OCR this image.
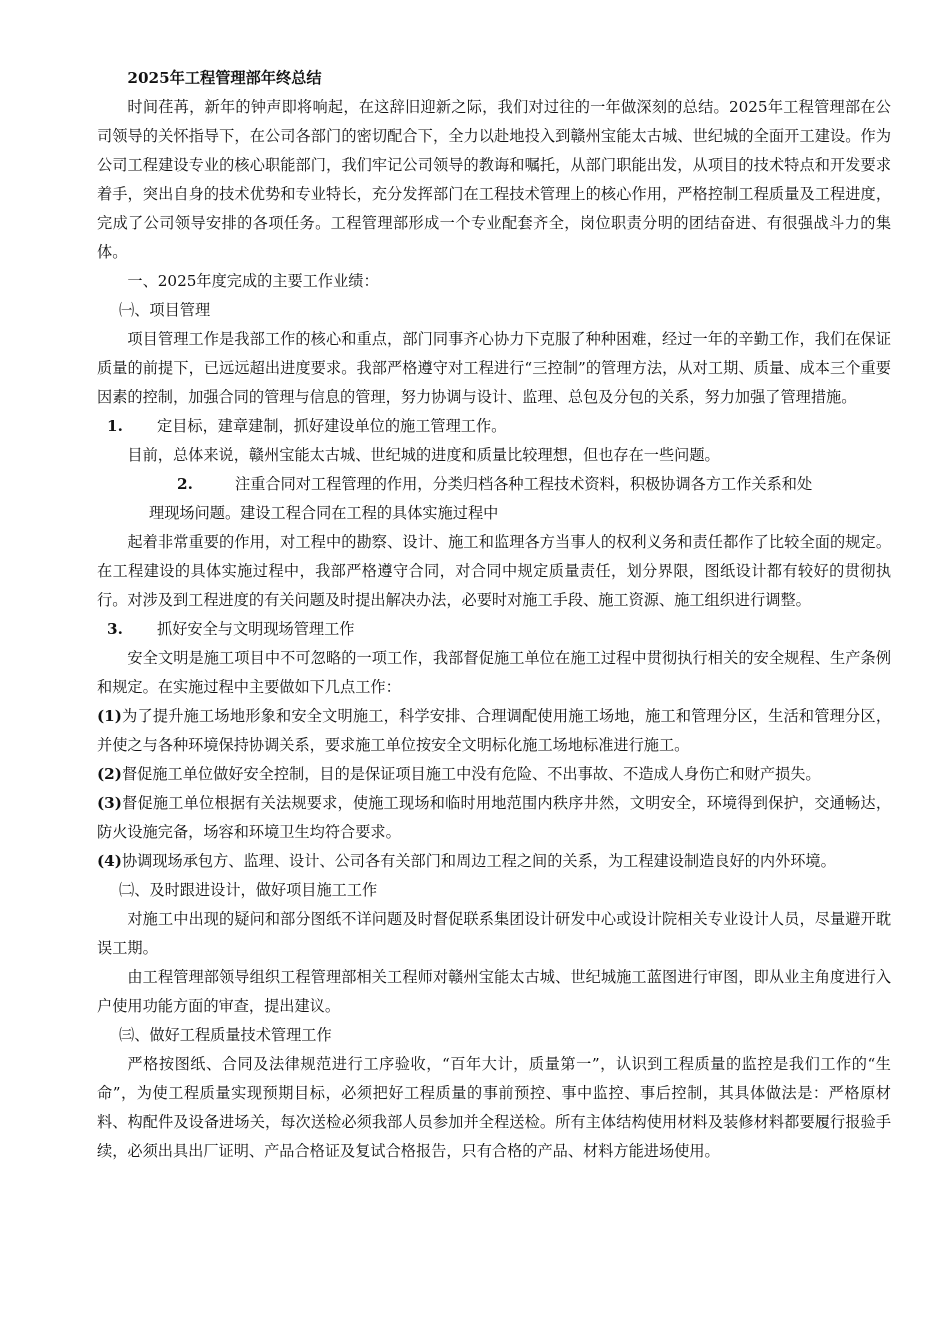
2025年工程管理部年终总结

时间荏苒，新年的钟声即将响起，在这辞旧迎新之际，我们对过往的一年做深刻的总结。2025年工程管理部在公司领导的关怀指导下，在公司各部门的密切配合下，全力以赴地投入到赣州宝能太古城、世纪城的全面开工建设。作为公司工程建设专业的核心职能部门，我们牢记公司领导的教诲和嘱托，从部门职能出发，从项目的技术特点和开发要求着手，突出自身的技术优势和专业特长，充分发挥部门在工程技术管理上的核心作用，严格控制工程质量及工程进度，完成了公司领导安排的各项任务。工程管理部形成一个专业配套齐全，岗位职责分明的团结奋进、有很强战斗力的集体。

一、2025年度完成的主要工作业绩：

㈠、项目管理

项目管理工作是我部工作的核心和重点，部门同事齐心协力下克服了种种困难，经过一年的辛勤工作，我们在保证质量的前提下，已远远超出进度要求。我部严格遵守对工程进行“三控制”的管理方法，从对工期、质量、成本三个重要因素的控制，加强合同的管理与信息的管理，努力协调与设计、监理、总包及分包的关系，努力加强了管理措施。

1. 定目标，建章建制，抓好建设单位的施工管理工作。

目前，总体来说，赣州宝能太古城、世纪城的进度和质量比较理想，但也存在一些问题。

2.	注重合同对工程管理的作用，分类归档各种工程技术资料，积极协调各方工作关系和处

理现场问题。建设工程合同在工程的具体实施过程中

起着非常重要的作用，对工程中的勘察、设计、施工和监理各方当事人的权利义务和责任都作了比较全面的规定。在工程建设的具体实施过程中，我部严格遵守合同，对合同中规定质量责任，划分界限，图纸设计都有较好的贯彻执行。对涉及到工程进度的有关问题及时提出解决办法，必要时对施工手段、施工资源、施工组织进行调整。

3. 抓好安全与文明现场管理工作

安全文明是施工项目中不可忽略的一项工作，我部督促施工单位在施工过程中贯彻执行相关的安全规程、生产条例和规定。在实施过程中主要做如下几点工作：

(1)为了提升施工场地形象和安全文明施工，科学安排、合理调配使用施工场地，施工和管理分区，生活和管理分区，并使之与各种环境保持协调关系，要求施工单位按安全文明标化施工场地标准进行施工。

(2)督促施工单位做好安全控制，目的是保证项目施工中没有危险、不出事故、不造成人身伤亡和财产损失。

(3)督促施工单位根据有关法规要求，使施工现场和临时用地范围内秩序井然，文明安全，环境得到保护，交通畅达，防火设施完备，场容和环境卫生均符合要求。

(4)协调现场承包方、监理、设计、公司各有关部门和周边工程之间的关系，为工程建设制造良好的内外环境。

㈡、及时跟进设计，做好项目施工工作

对施工中出现的疑问和部分图纸不详问题及时督促联系集团设计研发中心或设计院相关专业设计人员，尽量避开耽误工期。

由工程管理部领导组织工程管理部相关工程师对赣州宝能太古城、世纪城施工蓝图进行审图，即从业主角度进行入户使用功能方面的审查，提出建议。

㈢、做好工程质量技术管理工作

严格按图纸、合同及法律规范进行工序验收，“百年大计，质量第一”，认识到工程质量的监控是我们工作的“生命”，为使工程质量实现预期目标，必须把好工程质量的事前预控、事中监控、事后控制，其具体做法是：严格原材料、构配件及设备进场关，每次送检必须我部人员参加并全程送检。所有主体结构使用材料及装修材料都要履行报验手续，必须出具出厂证明、产品合格证及复试合格报告，只有合格的产品、材料方能进场使用。
